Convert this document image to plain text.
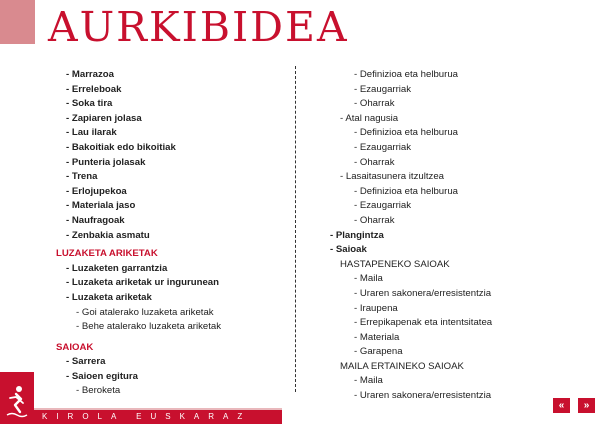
AURKIBIDEA
- Marrazoa
- Erreleboak
- Soka tira
- Zapiaren jolasa
- Lau ilarak
- Bakoitiak edo bikoitiak
- Punteria jolasak
- Trena
- Erlojupekoa
- Materiala jaso
- Naufragoak
- Zenbakia asmatu
LUZAKETA ARIKETAK
- Luzaketen garrantzia
- Luzaketa ariketak ur ingurunean
- Luzaketa ariketak
- Goi atalerako luzaketa ariketak
- Behe atalerako luzaketa ariketak
SAIOAK
- Sarrera
- Saioen egitura
- Beroketa
- Definizioa eta helburua
- Ezaugarriak
- Oharrak
- Atal nagusia
- Definizioa eta helburua
- Ezaugarriak
- Oharrak
- Lasaitasunera itzultzea
- Definizioa eta helburua
- Ezaugarriak
- Oharrak
- Plangintza
- Saioak
HASTAPENEKO SAIOAK
- Maila
- Uraren sakonera/erresistentzia
- Iraupena
- Errepikapenak eta intentsitatea
- Materiala
- Garapena
MAILA ERTAINEKO SAIOAK
- Maila
- Uraren sakonera/erresistentzia
KIROLA EUSKARAZ
«	»
